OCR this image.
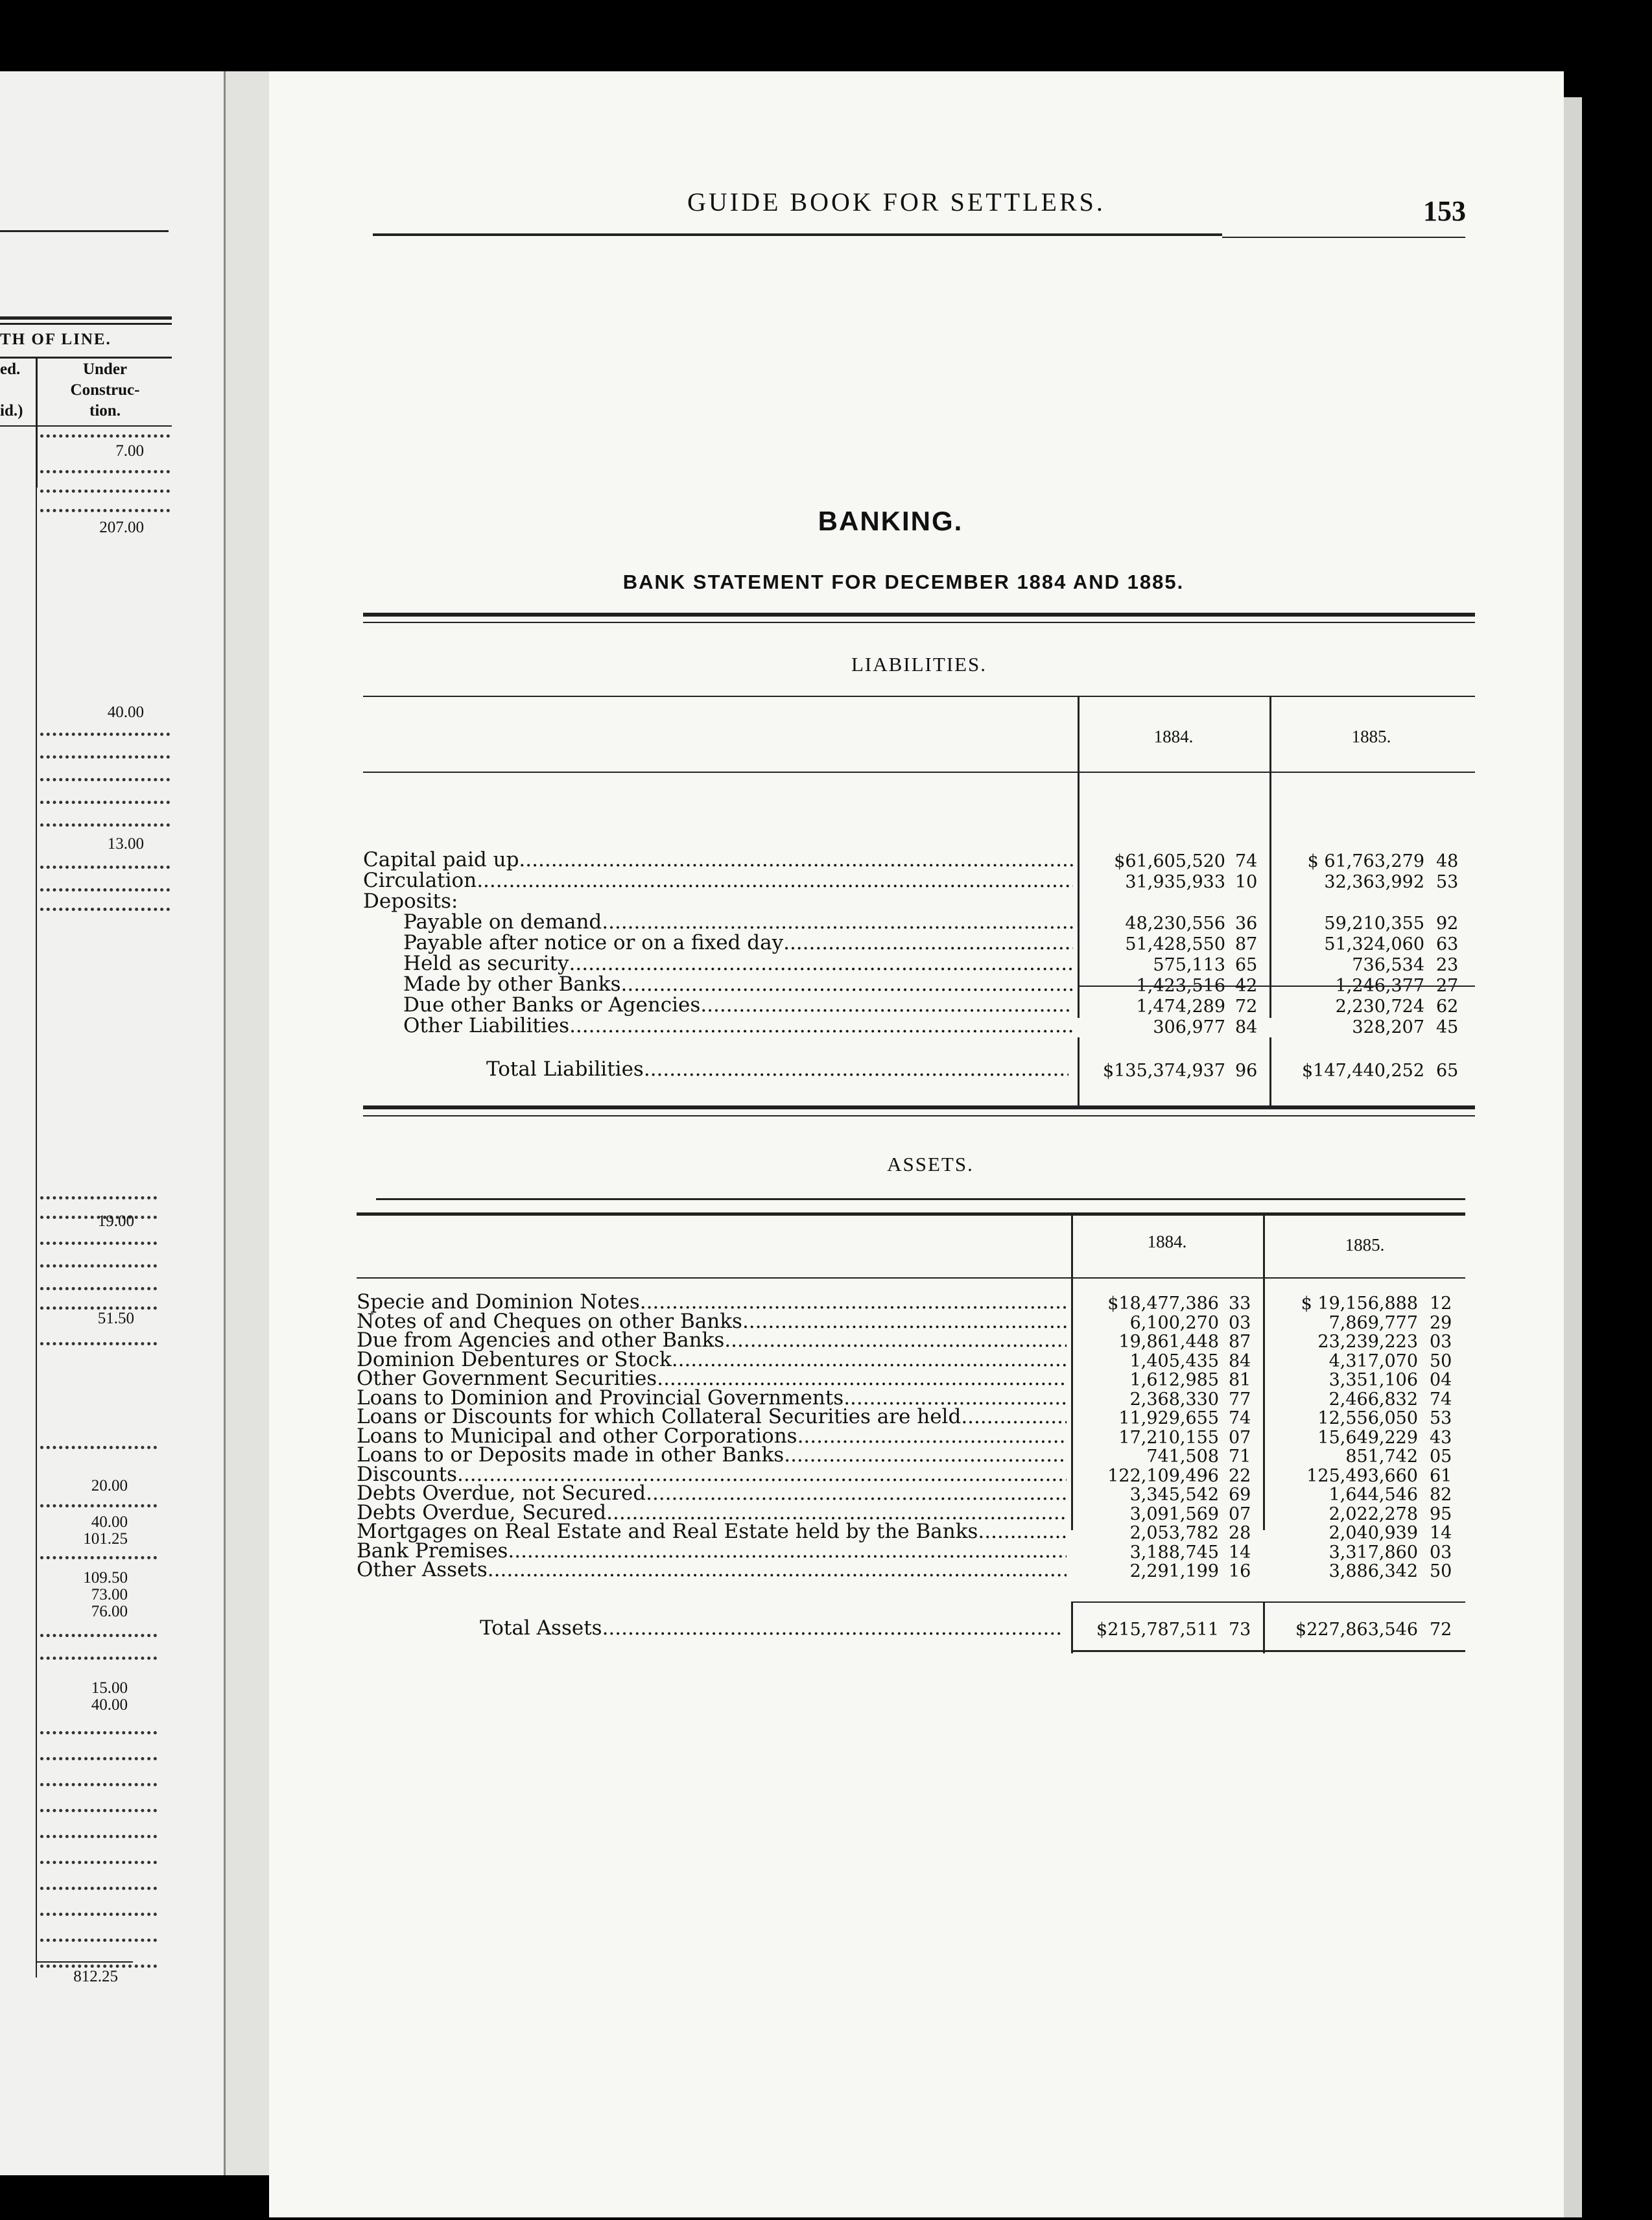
TH OF LINE.
ed.
id.)
Under
Construc-
tion.
7.00
207.00
40.00
13.00
19.00
51.50
20.00
40.00
101.25
109.50
73.00
76.00
15.00
40.00
812.25
GUIDE BOOK FOR SETTLERS.	153
BANKING.
BANK STATEMENT FOR DECEMBER 1884 AND 1885.
LIABILITIES.
1884.	1885.
Capital paid up .....	$61,605,520 74	$ 61,763,279 48
Circulation .....	31,935,933 10	32,363,992 53
Deposits:
Payable on demand .....	48,230,556 36	59,210,355 92
Payable after notice or on a fixed day .....	51,428,550 87	51,324,060 63
Held as security .....	575,113 65	736,534 23
Made by other Banks .....	1,423,516 42	1,246,377 27
Due other Banks or Agencies .....	1,474,289 72	2,230,724 62
Other Liabilities .....	306,977 84	328,207 45
Total Liabilities .....	$135,374,937 96	$147,440,252 65
ASSETS.
1884.	1885.
Specie and Dominion Notes .....	$18,477,386 33	$ 19,156,888 12
Notes of and Cheques on other Banks .....	6,100,270 03	7,869,777 29
Due from Agencies and other Banks .....	19,861,448 87	23,239,223 03
Dominion Debentures or Stock .....	1,405,435 84	4,317,070 50
Other Government Securities .....	1,612,985 81	3,351,106 04
Loans to Dominion and Provincial Governments .....	2,368,330 77	2,466,832 74
Loans or Discounts for which Collateral Securities are held .....	11,929,655 74	12,556,050 53
Loans to Municipal and other Corporations .....	17,210,155 07	15,649,229 43
Loans to or Deposits made in other Banks .....	741,508 71	851,742 05
Discounts .....	122,109,496 22	125,493,660 61
Debts Overdue, not Secured .....	3,345,542 69	1,644,546 82
Debts Overdue, Secured .....	3,091,569 07	2,022,278 95
Mortgages on Real Estate and Real Estate held by the Banks .....	2,053,782 28	2,040,939 14
Bank Premises .....	3,188,745 14	3,317,860 03
Other Assets .....	2,291,199 16	3,886,342 50
Total Assets .....	$215,787,511 73	$227,863,546 72
